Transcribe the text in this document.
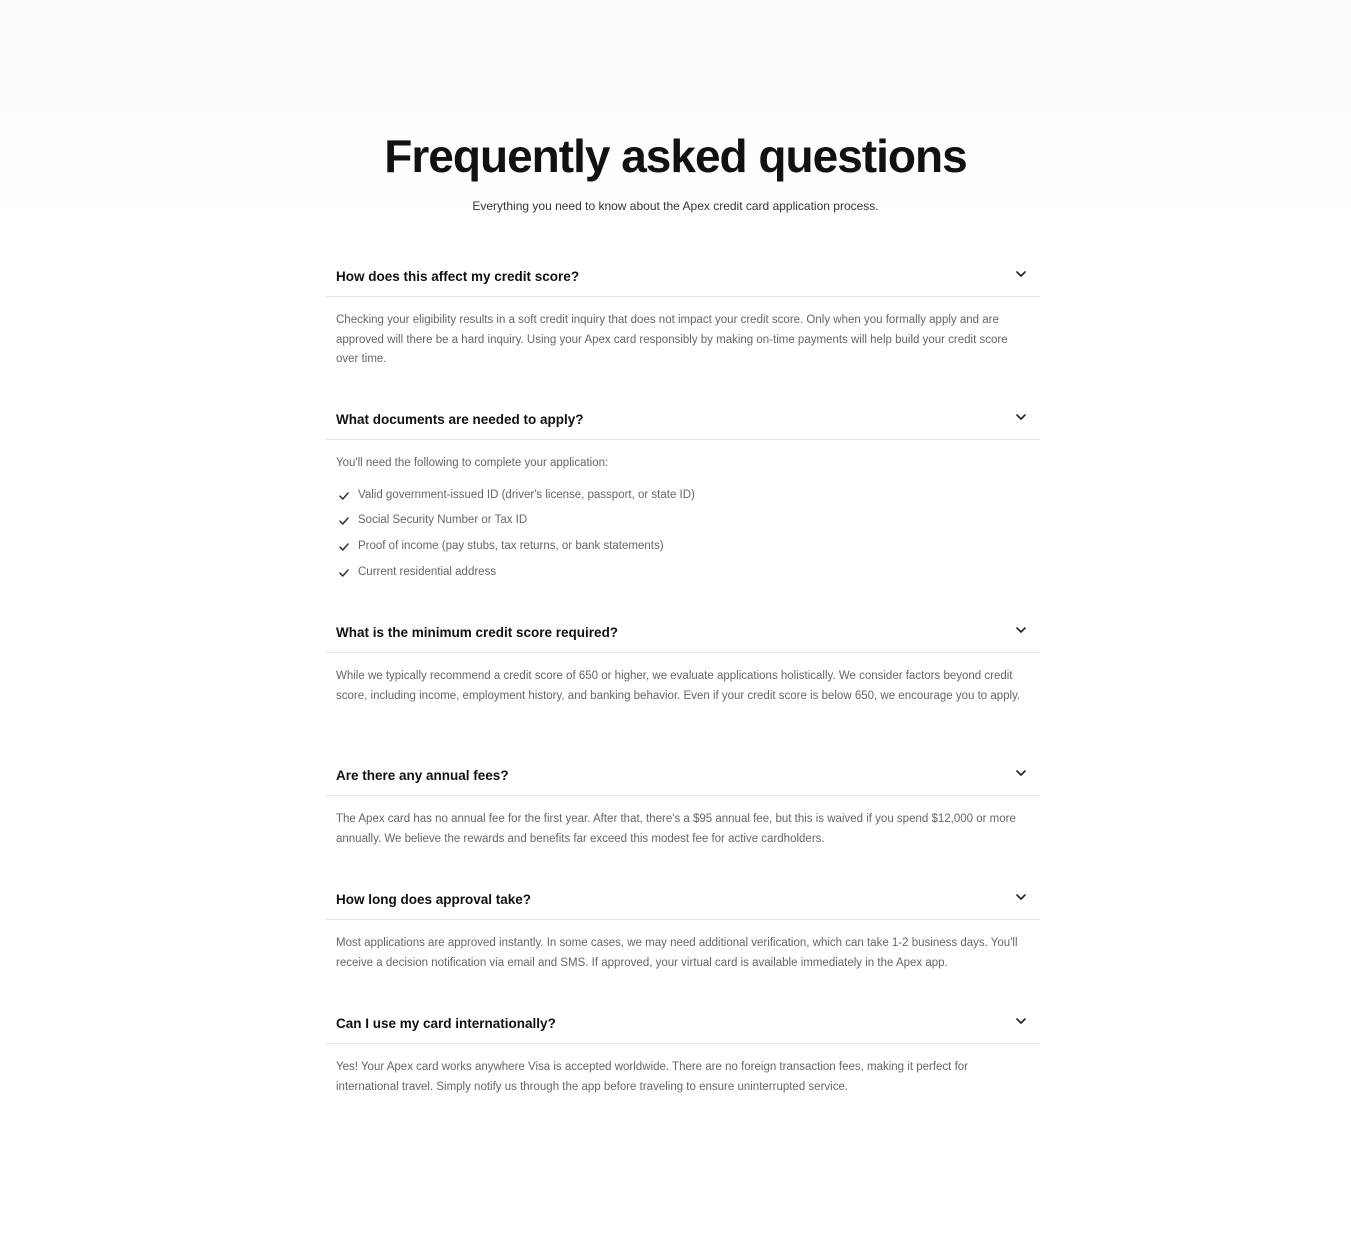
Frequently asked questions

Everything you need to know about the Apex credit card application process.

How does this affect my credit score?
Checking your eligibility results in a soft credit inquiry that does not impact your credit score. Only when you formally apply and are approved will there be a hard inquiry. Using your Apex card responsibly by making on-time payments will help build your credit score over time.
What documents are needed to apply?
You'll need the following to complete your application:
Valid government-issued ID (driver's license, passport, or state ID)
Social Security Number or Tax ID
Proof of income (pay stubs, tax returns, or bank statements)
Current residential address
What is the minimum credit score required?
While we typically recommend a credit score of 650 or higher, we evaluate applications holistically. We consider factors beyond credit score, including income, employment history, and banking behavior. Even if your credit score is below 650, we encourage you to apply.
Are there any annual fees?
The Apex card has no annual fee for the first year. After that, there's a $95 annual fee, but this is waived if you spend $12,000 or more annually. We believe the rewards and benefits far exceed this modest fee for active cardholders.
How long does approval take?
Most applications are approved instantly. In some cases, we may need additional verification, which can take 1-2 business days. You'll receive a decision notification via email and SMS. If approved, your virtual card is available immediately in the Apex app.
Can I use my card internationally?
Yes! Your Apex card works anywhere Visa is accepted worldwide. There are no foreign transaction fees, making it perfect for international travel. Simply notify us through the app before traveling to ensure uninterrupted service.
